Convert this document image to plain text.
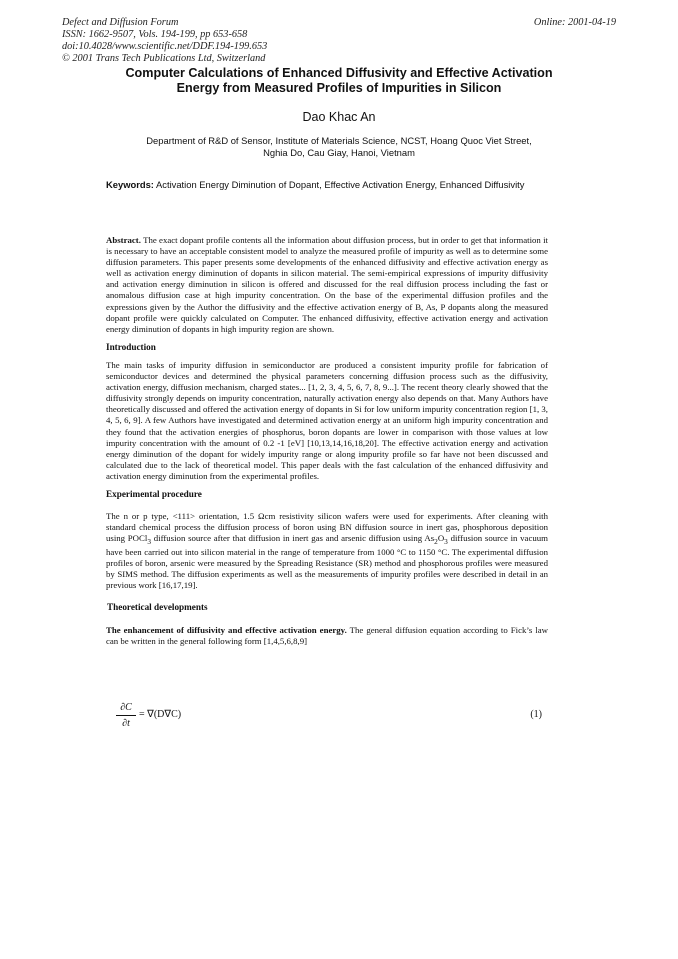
Defect and Diffusion Forum
ISSN: 1662-9507, Vols. 194-199, pp 653-658
doi:10.4028/www.scientific.net/DDF.194-199.653
© 2001 Trans Tech Publications Ltd, Switzerland
Online: 2001-04-19
Computer Calculations of Enhanced Diffusivity and Effective Activation
Energy from Measured Profiles of Impurities in Silicon
Dao Khac An
Department of R&D of Sensor, Institute of Materials Science, NCST, Hoang Quoc Viet Street,
Nghia Do, Cau Giay, Hanoi, Vietnam
Keywords: Activation Energy Diminution of Dopant, Effective Activation Energy, Enhanced Diffusivity

Abstract. The exact dopant profile contents all the information about diffusion process, but in order to get that information it is necessary to have an acceptable consistent model to analyze the measured profile of impurity as well as to determine some diffusion parameters. This paper presents some developments of the enhanced diffusivity and effective activation energy as well as activation energy diminution of dopants in silicon material. The semi-empirical expressions of impurity diffusivity and activation energy diminution in silicon is offered and discussed for the real diffusion process including the fast or anomalous diffusion case at high impurity concentration. On the base of the experimental diffusion profiles and the expressions given by the Author the diffusivity and the effective activation energy of B, As, P dopants along the measured dopant profile were quickly calculated on Computer. The enhanced diffusivity, effective activation energy and activation energy diminution of dopants in high impurity region are shown.

Introduction

The main tasks of impurity diffusion in semiconductor are produced a consistent impurity profile for fabrication of semiconductor devices and determined the physical parameters concerning diffusion process such as the diffusivity, activation energy, diffusion mechanism, charged states... [1, 2, 3, 4, 5, 6, 7, 8, 9...]. The recent theory clearly showed that the diffusivity strongly depends on impurity concentration, naturally activation energy also depends on that. Many Authors have theoretically discussed and offered the activation energy of dopants in Si for low uniform impurity concentration region [1, 3, 4, 5, 6, 9]. A few Authors have investigated and determined activation energy at an uniform high impurity concentration and they found that the activation energies of phosphorus, boron dopants are lower in comparison with those values at low impurity concentration with the amount of 0.2 -1 [eV] [10,13,14,16,18,20]. The effective activation energy and activation energy diminution of the dopant for widely impurity range or along impurity profile so far have not been discussed and calculated due to the lack of theoretical model. This paper deals with the fast calculation of the enhanced diffusivity and activation energy diminution from the experimental profiles.

Experimental procedure

The n or p type, <111> orientation, 1.5 Ωcm resistivity silicon wafers were used for experiments. After cleaning with standard chemical process the diffusion process of boron using BN diffusion source in inert gas, phosphorous deposition using POCl$_3$ diffusion source after that diffusion in inert gas and arsenic diffusion using $As_2O_3$ diffusion source in vacuum have been carried out into silicon material in the range of temperature from 1000 °C to 1150 °C. The experimental diffusion profiles of boron, arsenic were measured by the Spreading Resistance (SR) method and phosphorous profiles were measured by SIMS method. The diffusion experiments as well as the measurements of impurity profiles were described in detail in an previous work [16,17,19].

Theoretical developments

The enhancement of diffusivity and effective activation energy. The general diffusion equation according to Fick’s law can be written in the general following form [1,4,5,6,8,9]

∂C
∂t
= ∇(D∇C)	(1)
